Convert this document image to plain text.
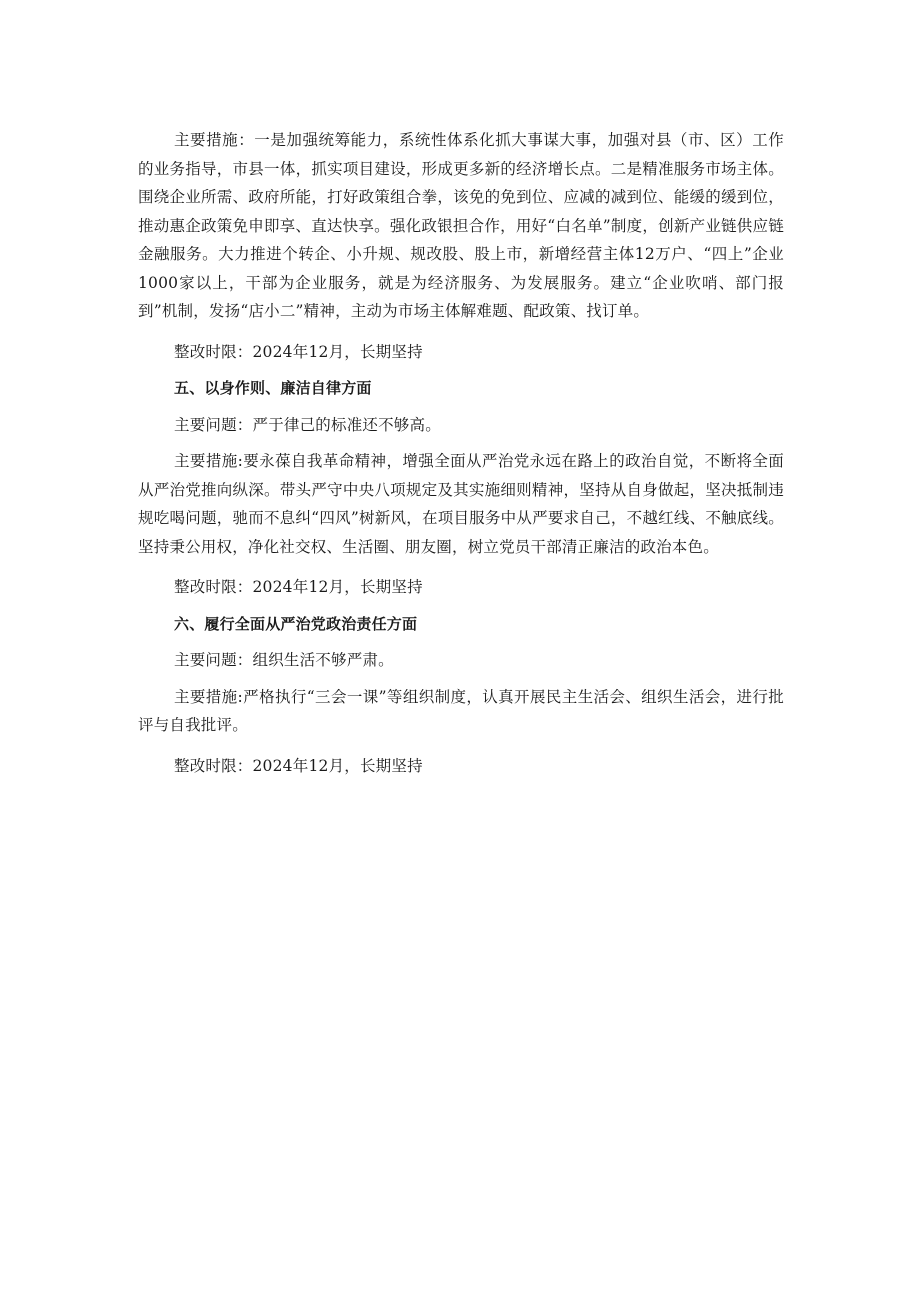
主要措施：一是加强统筹能力，系统性体系化抓大事谋大事，加强对县（市、区）工作的业务指导，市县一体，抓实项目建设，形成更多新的经济增长点。二是精准服务市场主体。围绕企业所需、政府所能，打好政策组合拳，该免的免到位、应减的减到位、能缓的缓到位，推动惠企政策免申即享、直达快享。强化政银担合作，用好“白名单”制度，创新产业链供应链金融服务。大力推进个转企、小升规、规改股、股上市，新增经营主体12万户、“四上”企业1000家以上，干部为企业服务，就是为经济服务、为发展服务。建立“企业吹哨、部门报到”机制，发扬“店小二”精神，主动为市场主体解难题、配政策、找订单。

整改时限：2024年12月，长期坚持

五、以身作则、廉洁自律方面

主要问题：严于律己的标准还不够高。

主要措施:要永葆自我革命精神，增强全面从严治党永远在路上的政治自觉，不断将全面从严治党推向纵深。带头严守中央八项规定及其实施细则精神，坚持从自身做起，坚决抵制违规吃喝问题，驰而不息纠“四风”树新风，在项目服务中从严要求自己，不越红线、不触底线。坚持秉公用权，净化社交权、生活圈、朋友圈，树立党员干部清正廉洁的政治本色。

整改时限：2024年12月，长期坚持

六、履行全面从严治党政治责任方面

主要问题：组织生活不够严肃。

主要措施:严格执行“三会一课”等组织制度，认真开展民主生活会、组织生活会，进行批评与自我批评。

整改时限：2024年12月，长期坚持
